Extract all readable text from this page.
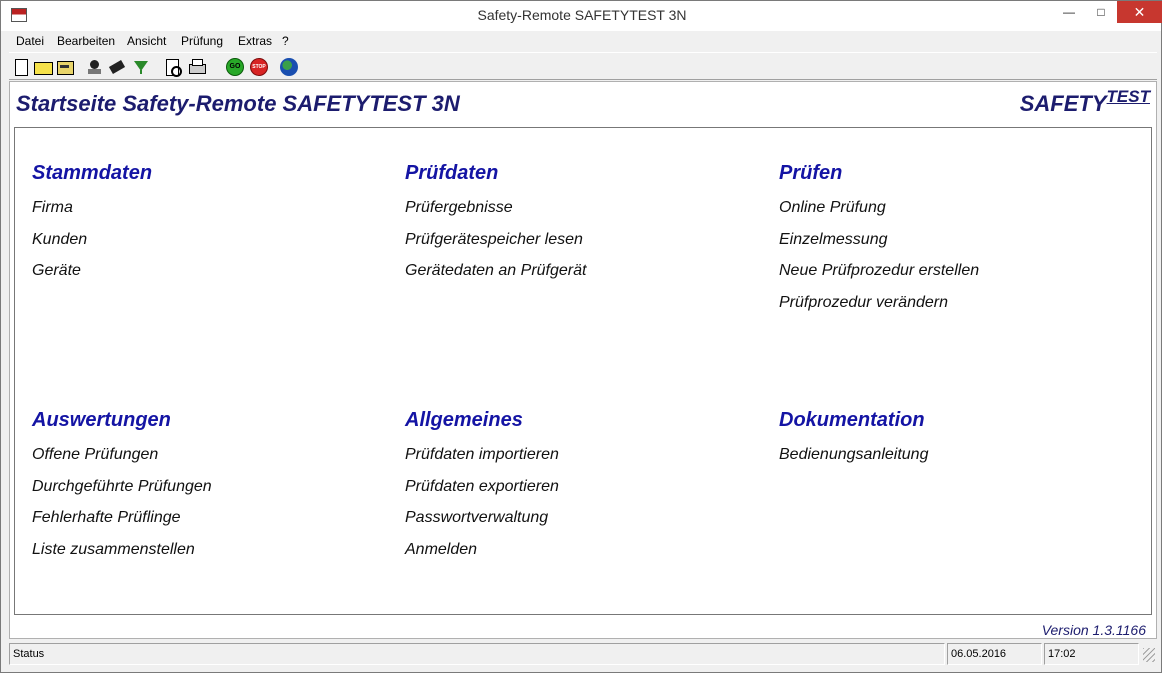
Safety-Remote SAFETYTEST 3N	—	□	✕
Datei Bearbeiten Ansicht Prüfung Extras ?
GO	STOP
Startseite Safety-Remote SAFETYTEST 3N	$SAFETY^{TEST}$
Stammdaten
Firma
Kunden
Geräte
Prüfdaten
Prüfergebnisse
Prüfgerätespeicher lesen
Gerätedaten an Prüfgerät
Prüfen
Online Prüfung
Einzelmessung
Neue Prüfprozedur erstellen
Prüfprozedur verändern
Auswertungen
Offene Prüfungen
Durchgeführte Prüfungen
Fehlerhafte Prüflinge
Liste zusammenstellen
Allgemeines
Prüfdaten importieren
Prüfdaten exportieren
Passwortverwaltung
Anmelden
Dokumentation
Bedienungsanleitung
Version 1.3.1166
Status	06.05.2016	17:02
